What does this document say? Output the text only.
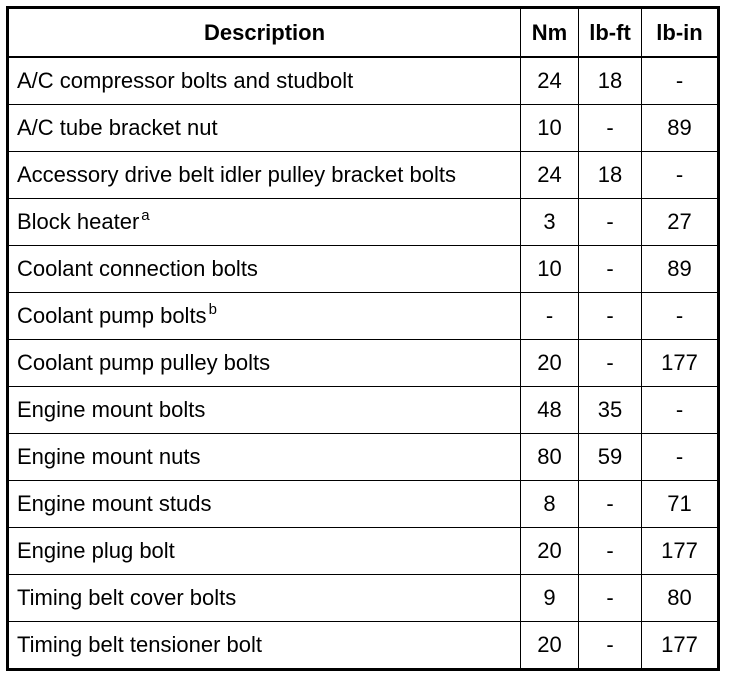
Description	Nm	lb-ft	lb-in
A/C compressor bolts and studbolt	24	18	-
A/C tube bracket nut	10	-	89
Accessory drive belt idler pulley bracket bolts	24	18	-
Block heater $^a$	3	-	27
Coolant connection bolts	10	-	89
Coolant pump bolts $^b$	-	-	-
Coolant pump pulley bolts	20	-	177
Engine mount bolts	48	35	-
Engine mount nuts	80	59	-
Engine mount studs	8	-	71
Engine plug bolt	20	-	177
Timing belt cover bolts	9	-	80
Timing belt tensioner bolt	20	-	177
